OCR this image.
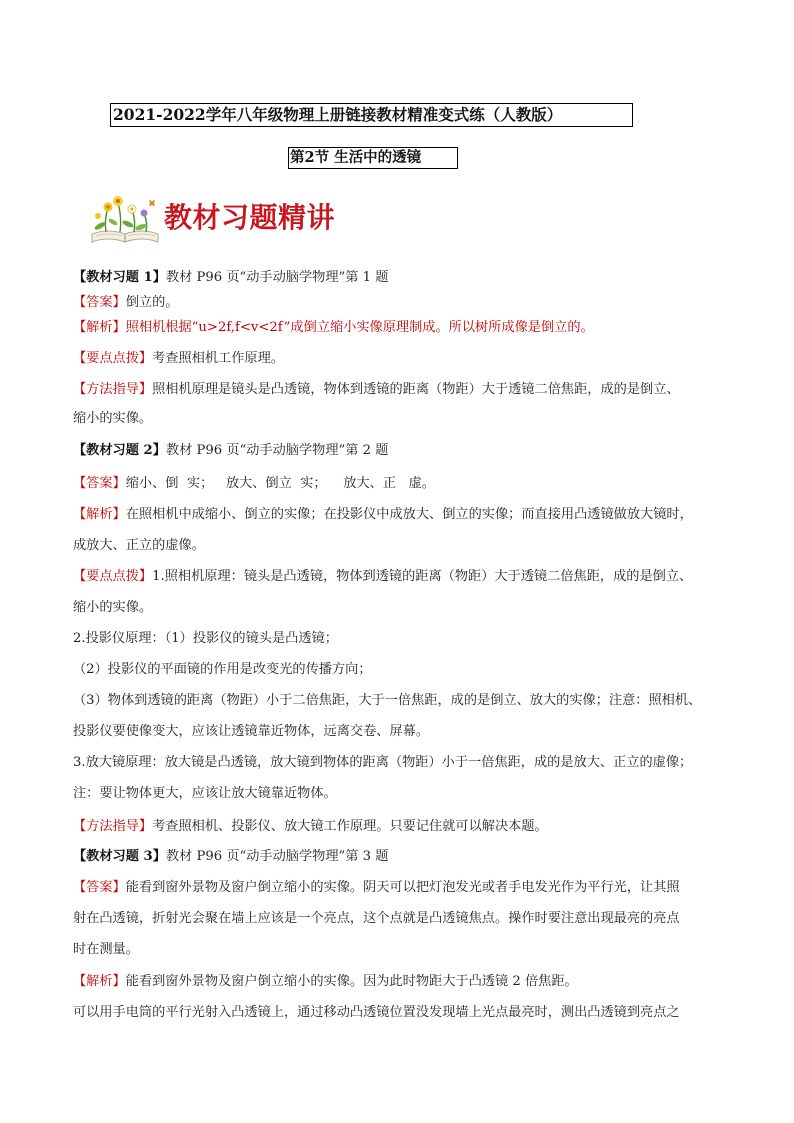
2021-2022学年八年级物理上册链接教材精准变式练（人教版）
第2节 生活中的透镜
教材习题精讲
【教材习题 1】教材 P96 页“动手动脑学物理”第 1 题
【答案】倒立的。
【解析】照相机根据“u>2f,f<v<2f”成倒立缩小实像原理制成。所以树所成像是倒立的。
【要点点拨】考查照相机工作原理。
【方法指导】照相机原理是镜头是凸透镜，物体到透镜的距离（物距）大于透镜二倍焦距，成的是倒立、
缩小的实像。
【教材习题 2】教材 P96 页“动手动脑学物理”第 2 题
【答案】缩小、倒  实；   放大、倒立  实；    放大、正   虚。
【解析】在照相机中成缩小、倒立的实像；在投影仪中成放大、倒立的实像；而直接用凸透镜做放大镜时，
成放大、正立的虚像。
【要点点拨】1.照相机原理：镜头是凸透镜，物体到透镜的距离（物距）大于透镜二倍焦距，成的是倒立、
缩小的实像。
2.投影仪原理：（1）投影仪的镜头是凸透镜；
（2）投影仪的平面镜的作用是改变光的传播方向；
（3）物体到透镜的距离（物距）小于二倍焦距，大于一倍焦距，成的是倒立、放大的实像；注意：照相机、
投影仪要使像变大，应该让透镜靠近物体，远离交卷、屏幕。
3.放大镜原理：放大镜是凸透镜，放大镜到物体的距离（物距）小于一倍焦距，成的是放大、正立的虚像；
注：要让物体更大，应该让放大镜靠近物体。
【方法指导】考查照相机、投影仪、放大镜工作原理。只要记住就可以解决本题。
【教材习题 3】教材 P96 页“动手动脑学物理”第 3 题
【答案】能看到窗外景物及窗户倒立缩小的实像。阴天可以把灯泡发光或者手电发光作为平行光，让其照
射在凸透镜，折射光会聚在墙上应该是一个亮点，这个点就是凸透镜焦点。操作时要注意出现最亮的亮点
时在测量。
【解析】能看到窗外景物及窗户倒立缩小的实像。因为此时物距大于凸透镜 2 倍焦距。
可以用手电筒的平行光射入凸透镜上，通过移动凸透镜位置没发现墙上光点最亮时，测出凸透镜到亮点之
